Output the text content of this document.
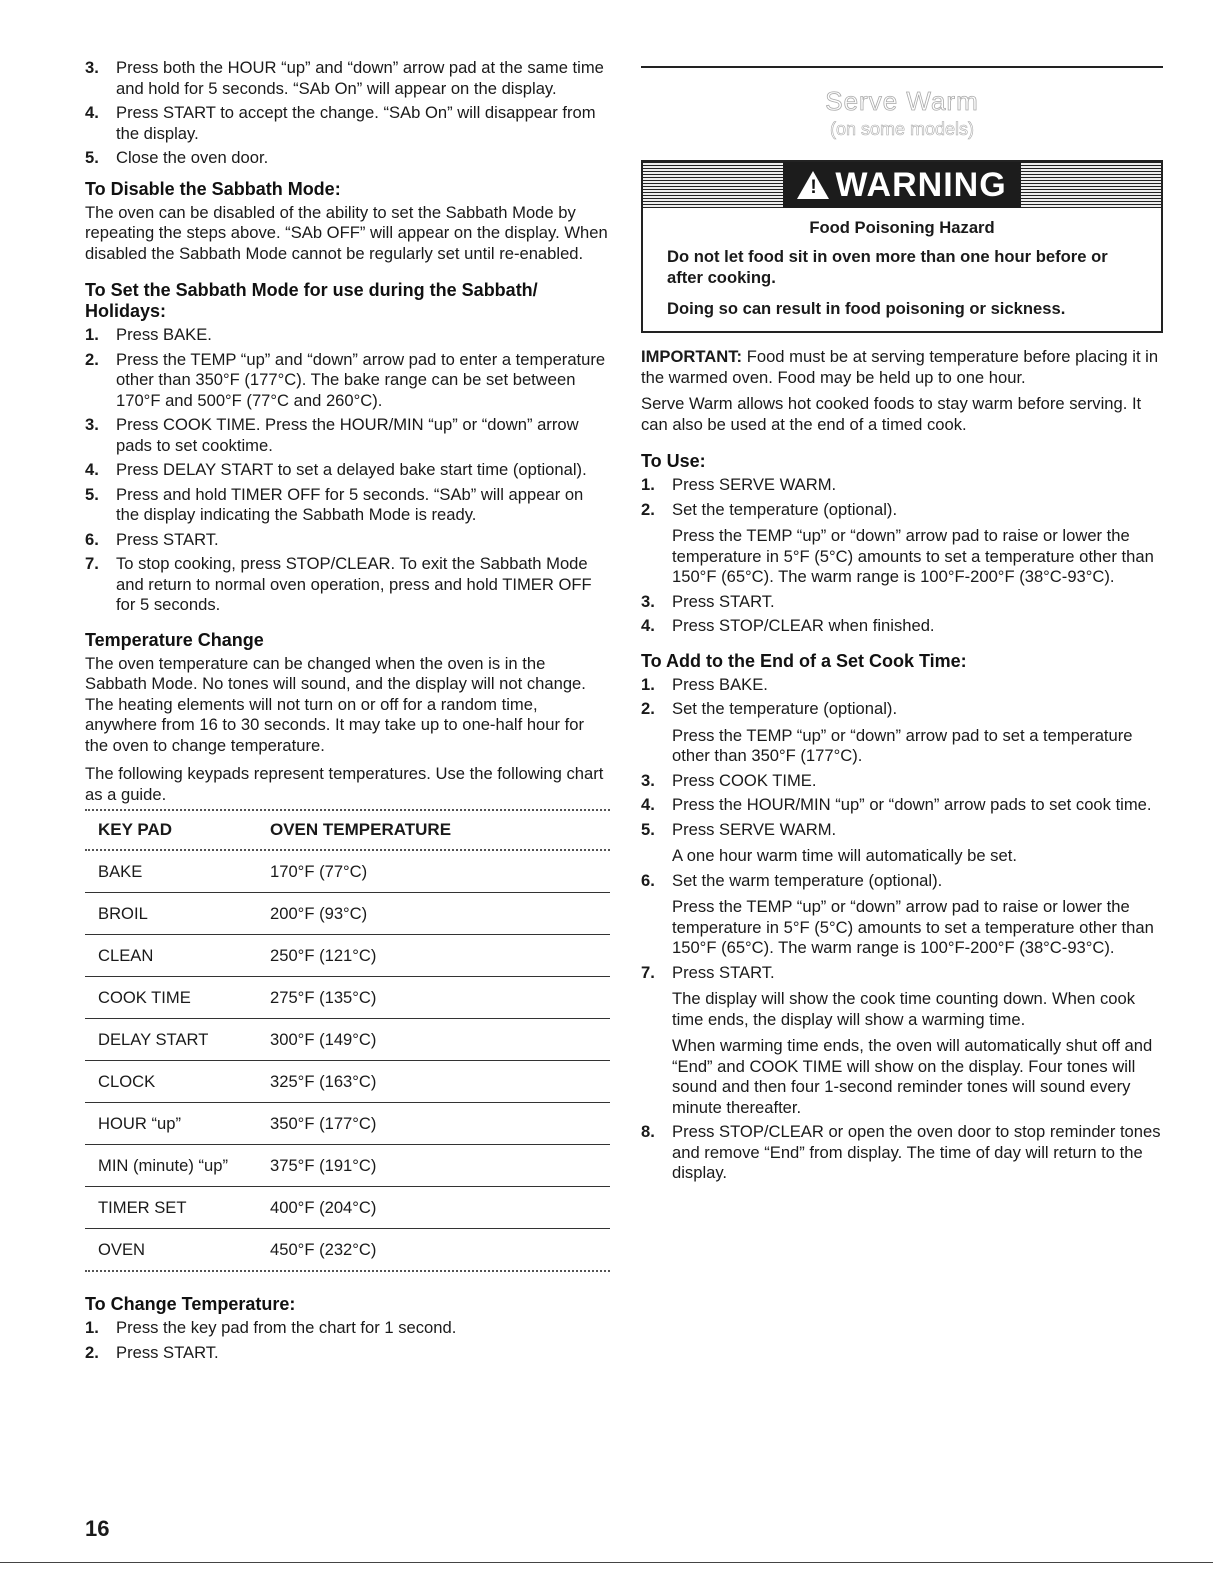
3. Press both the HOUR “up” and “down” arrow pad at the same time and hold for 5 seconds. “SAb On” will appear on the display.
4. Press START to accept the change. “SAb On” will disappear from the display.
5. Close the oven door.
To Disable the Sabbath Mode:

The oven can be disabled of the ability to set the Sabbath Mode by repeating the steps above. “SAb OFF” will appear on the display. When disabled the Sabbath Mode cannot be regularly set until re-enabled.

To Set the Sabbath Mode for use during the Sabbath/ Holidays:
1. Press BAKE.
2. Press the TEMP “up” and “down” arrow pad to enter a temperature other than 350°F (177°C). The bake range can be set between 170°F and 500°F (77°C and 260°C).
3. Press COOK TIME. Press the HOUR/MIN “up” or “down” arrow pads to set cooktime.
4. Press DELAY START to set a delayed bake start time (optional).
5. Press and hold TIMER OFF for 5 seconds. “SAb” will appear on the display indicating the Sabbath Mode is ready.
6. Press START.
7. To stop cooking, press STOP/CLEAR. To exit the Sabbath Mode and return to normal oven operation, press and hold TIMER OFF for 5 seconds.
Temperature Change

The oven temperature can be changed when the oven is in the Sabbath Mode. No tones will sound, and the display will not change. The heating elements will not turn on or off for a random time, anywhere from 16 to 30 seconds. It may take up to one-half hour for the oven to change temperature.

The following keypads represent temperatures. Use the following chart as a guide.

KEY PAD	OVEN TEMPERATURE
BAKE	170°F (77°C)
BROIL	200°F (93°C)
CLEAN	250°F (121°C)
COOK TIME	275°F (135°C)
DELAY START	300°F (149°C)
CLOCK	325°F (163°C)
HOUR “up”	350°F (177°C)
MIN (minute) “up”	375°F (191°C)
TIMER SET	400°F (204°C)
OVEN	450°F (232°C)
To Change Temperature:
1. Press the key pad from the chart for 1 second.
2. Press START.
Serve Warm
(on some models)
!
WARNING

Food Poisoning Hazard

Do not let food sit in oven more than one hour before or after cooking.

Doing so can result in food poisoning or sickness.

IMPORTANT: Food must be at serving temperature before placing it in the warmed oven. Food may be held up to one hour.

Serve Warm allows hot cooked foods to stay warm before serving. It can also be used at the end of a timed cook.

To Use:
1. Press SERVE WARM.
2. Set the temperature (optional).
Press the TEMP “up” or “down” arrow pad to raise or lower the temperature in 5°F (5°C) amounts to set a temperature other than 150°F (65°C). The warm range is 100°F-200°F (38°C-93°C).
3. Press START.
4. Press STOP/CLEAR when finished.
To Add to the End of a Set Cook Time:
1. Press BAKE.
2. Set the temperature (optional).
Press the TEMP “up” or “down” arrow pad to set a temperature other than 350°F (177°C).
3. Press COOK TIME.
4. Press the HOUR/MIN “up” or “down” arrow pads to set cook time.
5. Press SERVE WARM.
A one hour warm time will automatically be set.
6. Set the warm temperature (optional).
Press the TEMP “up” or “down” arrow pad to raise or lower the temperature in 5°F (5°C) amounts to set a temperature other than 150°F (65°C). The warm range is 100°F-200°F (38°C-93°C).
7. Press START.
The display will show the cook time counting down. When cook time ends, the display will show a warming time.
When warming time ends, the oven will automatically shut off and “End” and COOK TIME will show on the display. Four tones will sound and then four 1-second reminder tones will sound every minute thereafter.
8. Press STOP/CLEAR or open the oven door to stop reminder tones and remove “End” from display. The time of day will return to the display.
16
